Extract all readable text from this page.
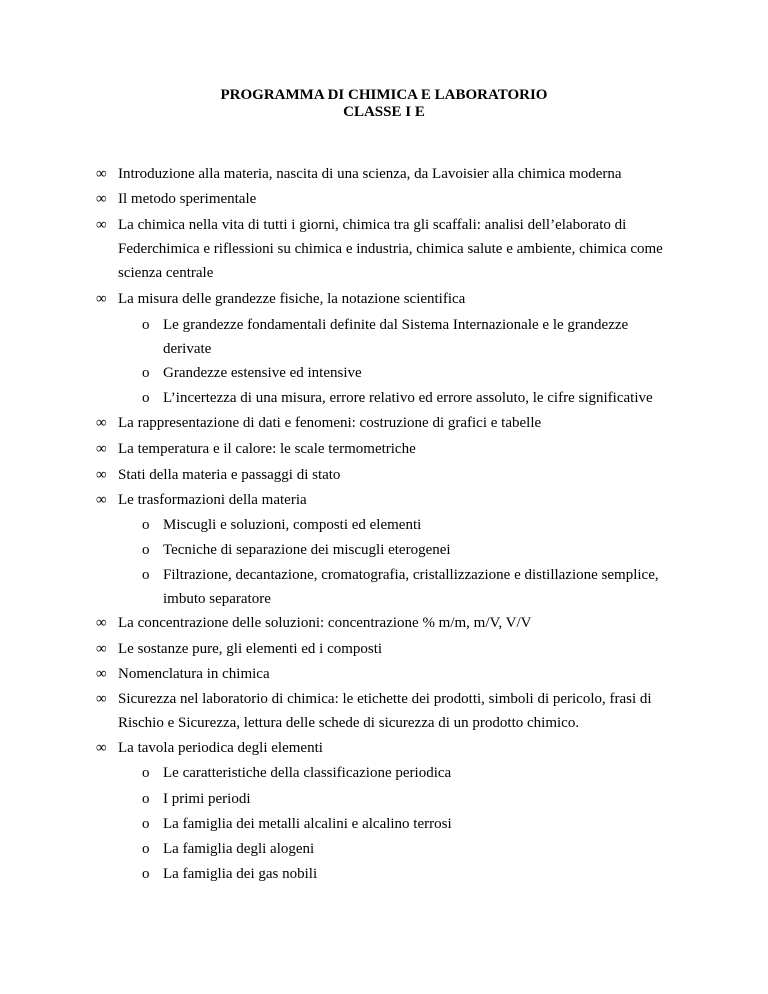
PROGRAMMA DI CHIMICA E LABORATORIO
CLASSE I E
∞ Introduzione alla materia, nascita di una scienza, da Lavoisier alla chimica moderna
∞ Il metodo sperimentale
∞ La chimica nella vita di tutti i giorni, chimica tra gli scaffali: analisi dell’elaborato di
Federchimica e riflessioni su chimica e industria, chimica salute e ambiente, chimica come
scienza centrale
∞ La misura delle grandezze fisiche, la notazione scientifica
o Le grandezze fondamentali definite dal Sistema Internazionale e le grandezze
derivate
o Grandezze estensive ed intensive
o L’incertezza di una misura, errore relativo ed errore assoluto, le cifre significative
∞ La rappresentazione di dati e fenomeni: costruzione di grafici e tabelle
∞ La temperatura e il calore: le scale termometriche
∞ Stati della materia e passaggi di stato
∞ Le trasformazioni della materia
o Miscugli e soluzioni, composti ed elementi
o Tecniche di separazione dei miscugli eterogenei
o Filtrazione, decantazione, cromatografia, cristallizzazione e distillazione semplice,
imbuto separatore
∞ La concentrazione delle soluzioni: concentrazione % m/m, m/V, V/V
∞ Le sostanze pure, gli elementi ed i composti
∞ Nomenclatura in chimica
∞ Sicurezza nel laboratorio di chimica: le etichette dei prodotti, simboli di pericolo, frasi di
Rischio e Sicurezza, lettura delle schede di sicurezza di un prodotto chimico.
∞ La tavola periodica degli elementi
o Le caratteristiche della classificazione periodica
o I primi periodi
o La famiglia dei metalli alcalini e alcalino terrosi
o La famiglia degli alogeni
o La famiglia dei gas nobili
